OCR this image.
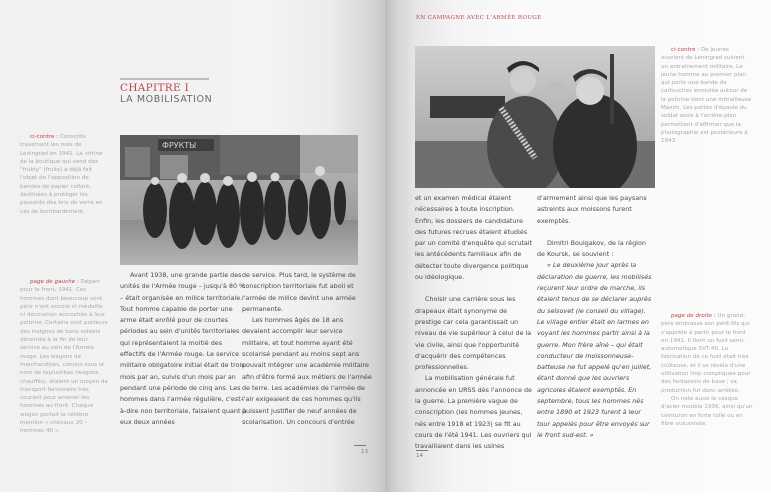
CHAPITRE I
LA MOBILISATION
ci-contre : Conscrits traversant les rues de Leningrad en 1941. La vitrine de la boutique qui vend des "frukty" (fruits) a déjà fait l'objet de l'apposition de bandes de papier collant, destinées à protéger les passants des bris de verre en cas de bombardement.
page de gauche : Départ pour le front, 1941. Ces hommes dont beaucoup vont périr n'ont encore ni médaille ni décoration accrochée à leur poitrine. Certains sont porteurs des insignes de bons soldats décernés à la fin de leur service au sein de l'Armée rouge. Les wagons de marchandises, connus sous le nom de teplushkas (wagons chauffés), étaient un moyen de transport ferroviaire très courant pour amener les hommes au front. Chaque wagon portait la célèbre mention « chevaux 20 – hommes 40 ».
ФРУКТЫ

Avant 1938, une grande partie des unités de l'Armée rouge – jusqu'à 80 % – était organisée en milice territoriale. Tout homme capable de porter une arme était enrôlé pour de courtes périodes au sein d'unités territoriales qui représentaient la moitié des effectifs de l'Armée rouge. Le service militaire obligatoire initial était de trois mois par an, suivis d'un mois par an pendant une période de cinq ans. Les hommes dans l'armée régulière, c'est-à-dire non territoriale, faisaient quant à eux deux années

de service. Plus tard, le système de conscription territoriale fut aboli et l'armée de milice devint une armée permanente.

Les hommes âgés de 18 ans devaient accomplir leur service militaire, et tout homme ayant été scolarisé pendant au moins sept ans pouvait intégrer une académie militaire afin d'être formé aux métiers de l'armée de terre. Les académies de l'armée de l'air exigeaient de ces hommes qu'ils puissent justifier de neuf années de scolarisation. Un concours d'entrée

13
EN CAMPAGNE AVEC L'ARMÉE ROUGE
ci-contre : De jeunes ouvriers de Leningrad suivent un entraînement militaire. Le jeune homme au premier plan qui porte une bande de cartouches enroulée autour de la poitrine tient une mitrailleuse Maxim. Les pattes d'épaule du soldat assis à l'arrière-plan permettent d'affirmer que la photographie est postérieure à 1943.
page de droite : Un grand-père embrasse son petit-fils qui s'apprête à partir pour le front en 1941. Il tient un fusil semi-automatique SVT-40. La fabrication de ce fusil était très coûteuse, et il se révéla d'une utilisation trop compliquée pour des fantassins de base ; sa production fut donc arrêtée.
On note aussi le casque d'acier modèle 1936, ainsi qu'un ceinturon en forte toile ou en fibre vulcanisée.

et un examen médical étaient nécessaires à toute inscription. Enfin, les dossiers de candidature des futures recrues étaient étudiés par un comité d'enquête qui scrutait les antécédents familiaux afin de détecter toute divergence politique ou idéologique.

Choisir une carrière sous les drapeaux était synonyme de prestige car cela garantissait un niveau de vie supérieur à celui de la vie civile, ainsi que l'opportunité d'acquérir des compétences professionnelles.

La mobilisation générale fut annoncée en URSS dès l'annonce de la guerre. La première vague de conscription (les hommes jeunes, nés entre 1918 et 1923) se fit au cours de l'été 1941. Les ouvriers qui travaillaient dans les usines

d'armement ainsi que les paysans astreints aux moissons furent exemptés.

Dimitri Boulgakov, de la région de Koursk, se souvient :

« Le deuxième jour après la déclaration de guerre, les mobilisés reçurent leur ordre de marche, ils étaient tenus de se déclarer auprès du selsovet (le conseil du village). Le village entier était en larmes en voyant les hommes partir ainsi à la guerre. Mon frère aîné – qui était conducteur de moissonneuse-batteuse ne fut appelé qu'en juillet, étant donné que les ouvriers agricoles étaient exemptés. En septembre, tous les hommes nés entre 1890 et 1923 furent à leur tour appelés pour être envoyés sur le front sud-est. »

14
